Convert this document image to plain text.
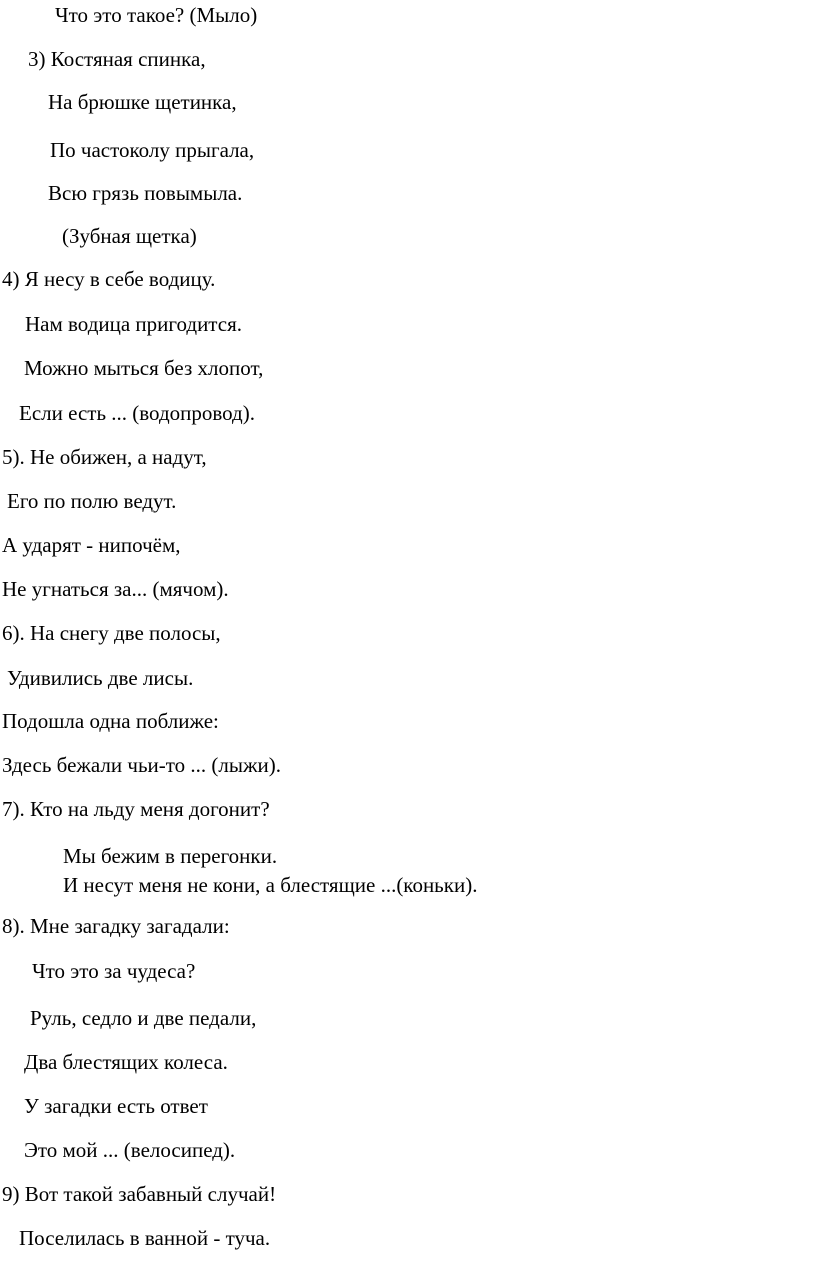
Что это такое? (Мыло)
3) Костяная спинка,
На брюшке щетинка,
По частоколу прыгала,
Всю грязь повымыла.
(Зубная щетка)
4) Я несу в себе водицу.
Нам водица пригодится.
Можно мыться без хлопот,
Если есть ... (водопровод).
5). Не обижен, а надут,
Его по полю ведут.
А ударят - нипочём,
Не угнаться за... (мячом).
6). На снегу две полосы,
Удивились две лисы.
Подошла одна поближе:
Здесь бежали чьи-то ... (лыжи).
7). Кто на льду меня догонит?
Мы бежим в перегонки.
И несут меня не кони, а блестящие ...(коньки).
8). Мне загадку загадали:
Что это за чудеса?
Руль, седло и две педали,
Два блестящих колеса.
У загадки есть ответ
Это мой ... (велосипед).
9) Вот такой забавный случай!
Поселилась в ванной - туча.
